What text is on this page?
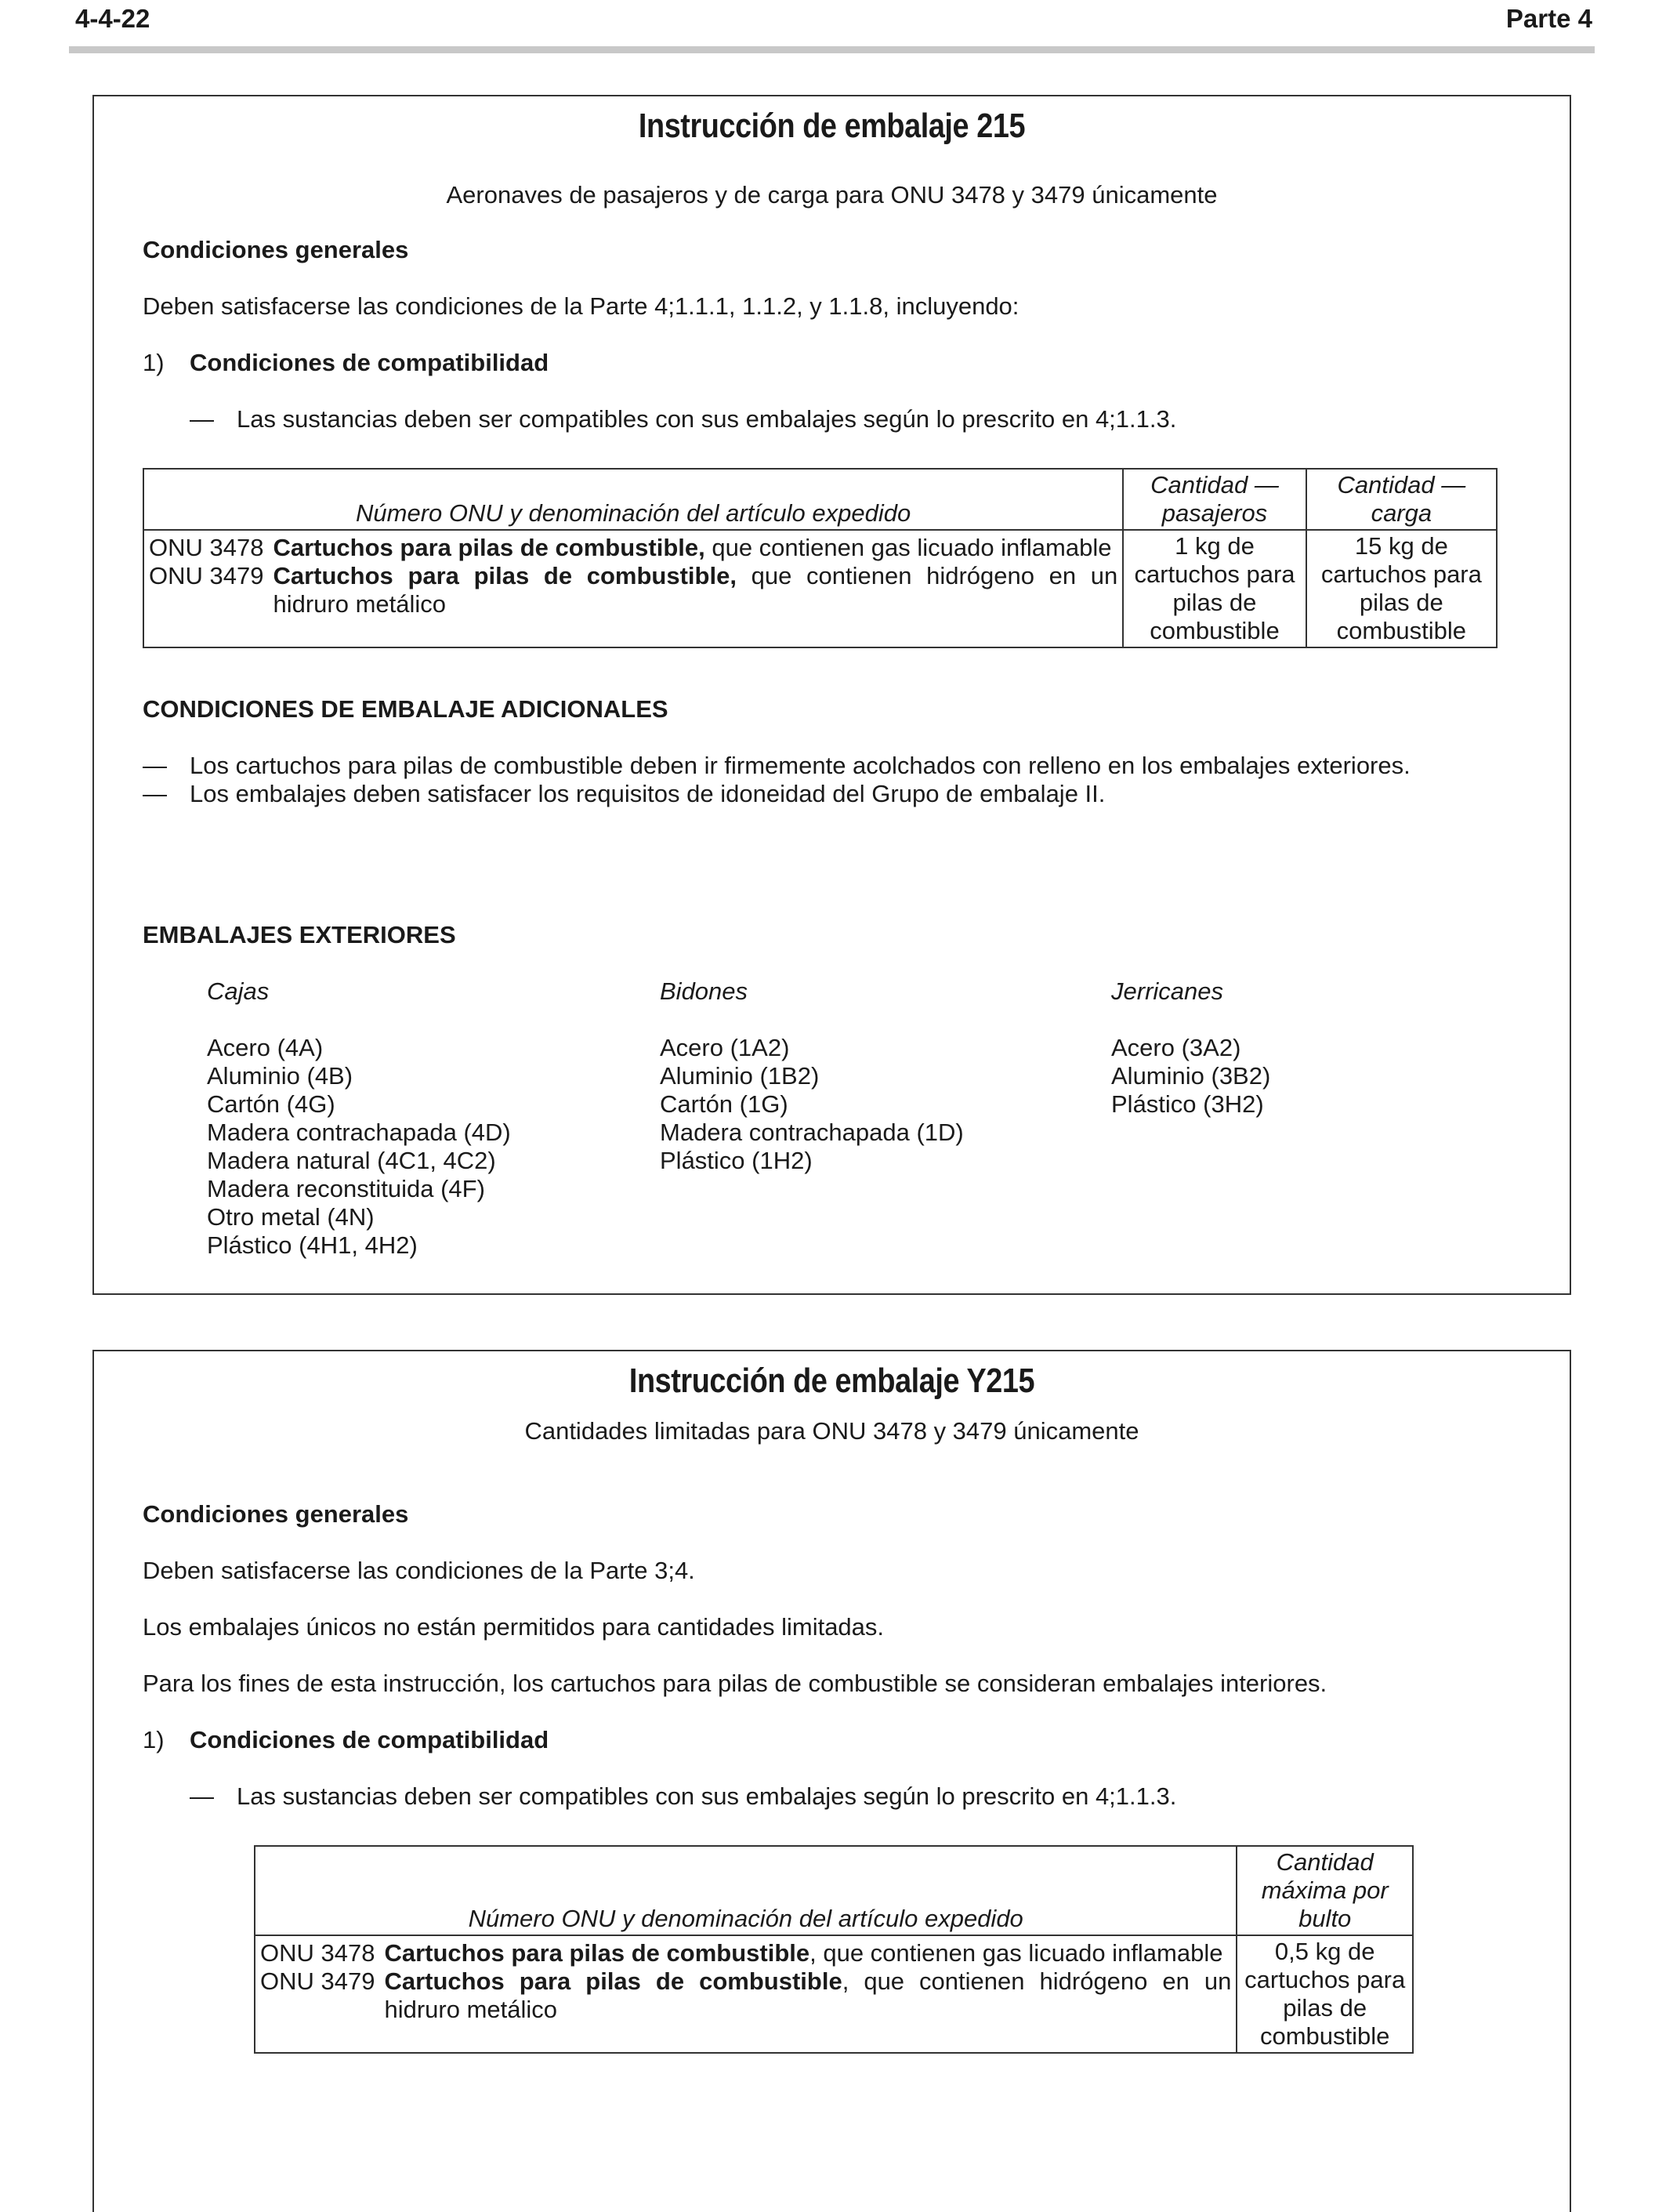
4-4-22	Parte 4
Instrucción de embalaje 215
Aeronaves de pasajeros y de carga para ONU 3478 y 3479 únicamente
Condiciones generales
Deben satisfacerse las condiciones de la Parte 4;1.1.1, 1.1.2, y 1.1.8, incluyendo:
1) Condiciones de compatibilidad
— Las sustancias deben ser compatibles con sus embalajes según lo prescrito en 4;1.1.3.
Número ONU y denominación del artículo expedido	Cantidad — pasajeros	Cantidad — carga

ONU 3478 Cartuchos para pilas de combustible, que contienen gas licuado inflamable
ONU 3479 Cartuchos para pilas de combustible, que contienen hidrógeno en un hidruro metálico	1 kg de cartuchos para pilas de combustible	15 kg de cartuchos para pilas de combustible
CONDICIONES DE EMBALAJE ADICIONALES
— Los cartuchos para pilas de combustible deben ir firmemente acolchados con relleno en los embalajes exteriores.
— Los embalajes deben satisfacer los requisitos de idoneidad del Grupo de embalaje II.
EMBALAJES EXTERIORES
Cajas
Acero (4A)
Aluminio (4B)
Cartón (4G)
Madera contrachapada (4D)
Madera natural (4C1, 4C2)
Madera reconstituida (4F)
Otro metal (4N)
Plástico (4H1, 4H2)
Bidones
Acero (1A2)
Aluminio (1B2)
Cartón (1G)
Madera contrachapada (1D)
Plástico (1H2)
Jerricanes
Acero (3A2)
Aluminio (3B2)
Plástico (3H2)
Instrucción de embalaje Y215
Cantidades limitadas para ONU 3478 y 3479 únicamente
Condiciones generales
Deben satisfacerse las condiciones de la Parte 3;4.
Los embalajes únicos no están permitidos para cantidades limitadas.
Para los fines de esta instrucción, los cartuchos para pilas de combustible se consideran embalajes interiores.
1) Condiciones de compatibilidad
— Las sustancias deben ser compatibles con sus embalajes según lo prescrito en 4;1.1.3.
Número ONU y denominación del artículo expedido	Cantidad máxima por bulto

ONU 3478 Cartuchos para pilas de combustible, que contienen gas licuado inflamable
ONU 3479 Cartuchos para pilas de combustible, que contienen hidrógeno en un hidruro metálico	0,5 kg de cartuchos para pilas de combustible
